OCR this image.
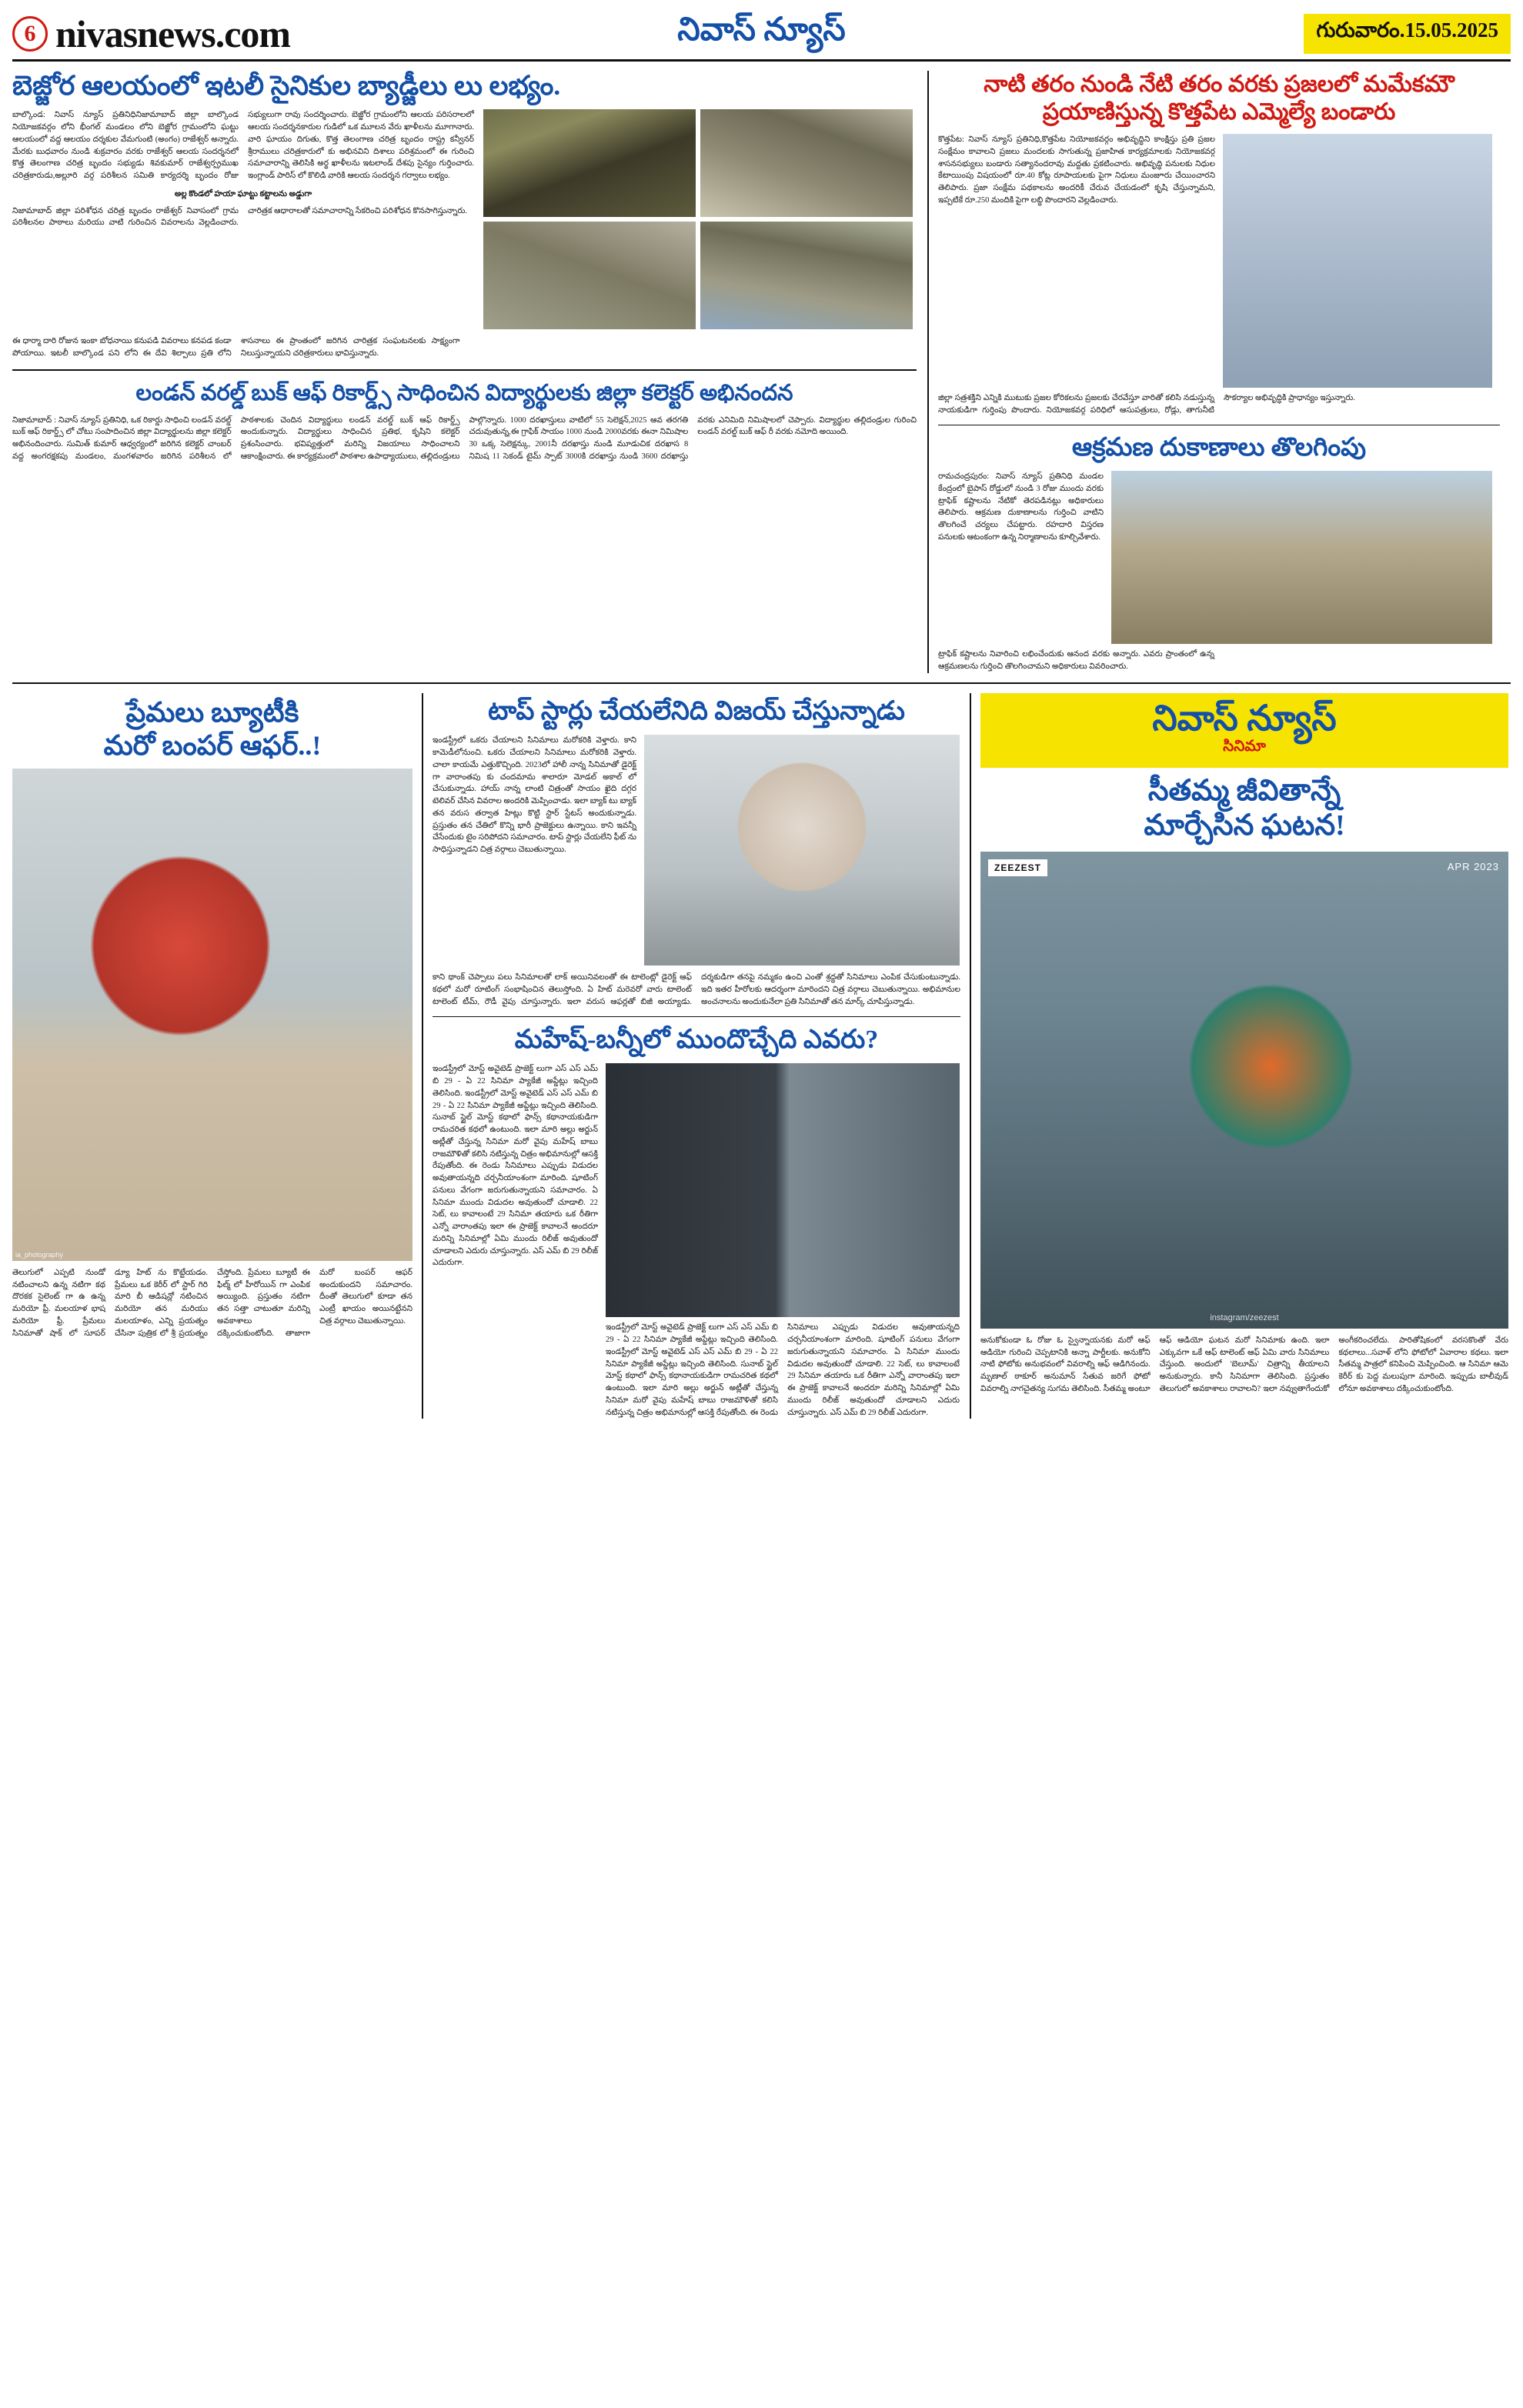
6 nivasnews.com	నివాస్ న్యూస్	గురువారం.15.05.2025
బెజ్జోర ఆలయంలో ఇటలీ సైనికుల బ్యాడ్జీలు లు లభ్యం.
బాల్కొండ: నివాస్ న్యూస్ ప్రతినిధినిజామాబాద్ జిల్లా బాల్కొండ నియోజకవర్గం లోని భీంగల్ మండలం లోని బెజ్జోర గ్రామంలోని ఘట్టు ఆలయంలో వద్ద ఆలయం దర్శకుల వేమగుంటి (అంగం) రాజేశ్వర్ అన్నారు. మేరకు బుధవారం నుండి శుక్రవారం వరకు రాజేశ్వర్ ఆలయ సందర్శనలో కొత్త తెలంగాణ చరిత్ర బృందం సభ్యుడు శివకుమార్ రాజేశ్వర్ప్రముఖ చరిత్రకారుడు,అల్లూరి వర్గ పరిశీలన సమితి కార్యదర్శి బృందం రోజు సభ్యులుగా రావు సందర్శించారు. బెజ్జోర గ్రామంలోని ఆలయ పరిసరాలలో ఆలయ సందర్శనకారుల గుడిలో ఒక మూలన వేరు ఖాళీలను మూగానారు. వారి ఘాయం దిగుతు, కొత్త తెలంగాణ చరిత్ర బృందం రాష్ట్ర కన్వీనర్ శ్రీరాములు చరిత్రకారులో కు అభినవిని దిశాలు పరిశ్రమంలో ఈ గురించి సమాచారాన్ని తెలిసికి అర్థ ఖాళీలను ఇటలాండ్ దేశపు సైన్యం గుర్తించారు. ఇంగ్లాండ్ పారిస్ లో కొలిడి వారికి ఆలయ సందర్శన గర్వాలు లభ్యం.
అల్ల కొండలో హయా ఘాట్టు కట్టాలను అడ్డుగా
నిజామాబాద్ జిల్లా పరిశోధన చరిత్ర బృందం రాజేశ్వర్ నివాసంలో గ్రామ పరిశీలనల పాఠాలు మరియు వాటి గురించిన వివరాలను వెల్లడించారు. చారిత్రక ఆధారాలతో సమాచారాన్ని సేకరించి పరిశోధన కొనసాగిస్తున్నారు.
ఈ ధార్మా దారి రోజున ఇంకా బోధనాయి కనుపడి వివరాలు కనపడ కండా పోయాయి. ఇటలీ బాల్కొండ పని లోని ఈ దేవి శిల్పాలు ప్రతి లోని శాసనాలు ఈ ప్రాంతంలో జరిగిన చారిత్రక సంఘటనలకు సాక్ష్యంగా నిలుస్తున్నాయని చరిత్రకారులు భావిస్తున్నారు.
లండన్ వరల్డ్ బుక్ ఆఫ్ రికార్డ్స్ సాధించిన విద్యార్థులకు జిల్లా కలెక్టర్ అభినందన
నిజామాబాద్ : నివాస్ న్యూస్ ప్రతినిధి, ఒక రికార్డు సాధించి లండన్ వరల్డ్ బుక్ ఆఫ్ రికార్డ్స్ లో చోటు సంపాదించిన జిల్లా విద్యార్థులను జిల్లా కలెక్టర్ అభినందించారు. సుమిత్ కుమార్ ఆధ్వర్యంలో జరిగిన కలెక్టర్ చాంబర్ వద్ద అంగరక్షకపు మండలం, మంగళవారం జరిగిన పరిశీలన లో పాఠశాలకు చెందిన విద్యార్థులు లండన్ వరల్డ్ బుక్ ఆఫ్ రికార్డ్స్ అందుకున్నారు. విద్యార్థులు సాధించిన ప్రతిభ, కృషిని కలెక్టర్ ప్రశంసించారు. భవిష్యత్తులో మరిన్ని విజయాలు సాధించాలని ఆకాంక్షించారు. ఈ కార్యక్రమంలో పాఠశాల ఉపాధ్యాయులు, తల్లిదండ్రులు పాల్గొన్నారు. 1000 దరఖాస్తులు వాటిలో 55 సెలెక్షన్,2025 ఆవ తరగతి చదువుతున్న,ఈ గ్రాఫిక్ సాయం 1000 నుండి 2000వరకు ఈనా నిమిషాల 30 ఒక్క సెలెక్షన్కు, 2001నీ దరఖాస్తు నుండి మూడుచిక దరఖాస 8 నిమిష 11 సెకండ్ టైమ్ స్పాట్ 3000కి దరఖాస్తు నుండి 3600 దరఖాస్తు వరకు ఎనిమిది నిమిషాలలో చెప్పారు. విద్యార్థుల తల్లిదండ్రుల గురించి లండన్ వరల్డ్ బుక్ ఆఫ్ రీ వరకు నమోది అయింది.
నాటి తరం నుండి నేటి తరం వరకు ప్రజలలో మమేకమౌ ప్రయాణిస్తున్న కొత్తపేట ఎమ్మెల్యే బండారు
కొత్తపేట: నివాస్ న్యూస్ ప్రతినిధి,కొత్తపేట నియోజకవర్గం అభివృద్ధిని కాంక్షిస్తు ప్రతి ప్రజల సంక్షేమం కావాలని ప్రజలు మందలకు సాగుతున్న ప్రజాహిత కార్యక్రమాలకు నియోజకవర్గ శాసనసభ్యులు బండారు సత్యానందరావు మద్దతు ప్రకటించారు. అభివృద్ధి పనులకు నిధుల కేటాయింపు విషయంలో రూ.40 కోట్ల రూపాయలకు పైగా నిధులు మంజూరు చేయించారని తెలిపారు. ప్రజా సంక్షేమ పథకాలను అందరికీ చేరువ చేయడంలో కృషి చేస్తున్నామని, ఇప్పటికే రూ.250 మందికి పైగా లబ్ధి పొందారని వెల్లడించారు.
జిల్లా సత్రశక్తిని ఎన్నికి ముటుకు ప్రజల కోరికలను ప్రజలకు చేరవేస్తూ వారితో కలిసి నడుస్తున్న నాయకుడిగా గుర్తింపు పొందారు. నియోజకవర్గ పరిధిలో ఆసుపత్రులు, రోడ్లు, తాగునీటి సౌకర్యాల అభివృద్ధికి ప్రాధాన్యం ఇస్తున్నారు.
ఆక్రమణ దుకాణాలు తొలగింపు
రామచంద్రపురం: నివాస్ న్యూస్ ప్రతినిధి మండల కేంద్రంలో బైపాస్ రోడ్డులో నుండి 3 రోజు ముందు వరకు ట్రాఫిక్ కష్టాలను నేటికో తెరపడినట్లు అధికారులు తెలిపారు. ఆక్రమణ దుకాణాలను గుర్తించి వాటిని తొలగించే చర్యలు చేపట్టారు. రహదారి విస్తరణ పనులకు ఆటంకంగా ఉన్న నిర్మాణాలను కూల్చివేశారు.
ట్రాఫిక్ కష్టాలను నివారించి లభించేందుకు ఆనంద వరకు అన్నారు. ఎవరు ప్రాంతంలో ఉన్న ఆక్రమణలను గుర్తించి తొలగించామని అధికారులు వివరించారు.
ప్రేమలు బ్యూటీకి
మరో బంపర్ ఆఫర్..!
ia_photography
తెలుగులో ఎప్పటి నుండో నటించాలని ఉన్న నటిగా కథ దొరకక సైలెంట్ గా ఉ ఉన్న మరియో ఫ్రీ. మలయాళ భాష మరియో ఫ్రీ. ప్రేమలు సినిమాతో షాక్ లో సూపర్ డ్యూ హిట్ ను కొట్టేయడం. ప్రేమలు ఒక కెరీర్ లో స్టార్ గిరి మారి బీ ఆడిషన్లో నటించిన మరియో తన మరియు మలయాళం, ఎన్ని ప్రయత్నం చేసినా పుత్రిక లో శ్రీ ప్రయత్నం చేస్తోంది. ప్రేమలు బ్యూటీ ఈ ఫిల్మ్ లో హీరోయిన్ గా ఎంపిక అయ్యింది. ప్రస్తుతం నటిగా తన సత్తా చాటుతూ మరిన్ని అవకాశాలు దక్కించుకుంటోంది. తాజాగా మరో బంపర్ ఆఫర్ అందుకుందని సమాచారం. దీంతో తెలుగులో కూడా తన ఎంట్రీ ఖాయం అయినట్టేనని చిత్ర వర్గాలు చెబుతున్నాయి.
టాప్ స్టార్లు చేయలేనిది విజయ్ చేస్తున్నాడు
ఇండస్ట్రీలో ఒకరు చేయాలని సినిమాలు మరోకరికి వెళ్తారు. కాని కామెడీలోనుంచి. ఒకరు చేయాలని సినిమాలు మరోకరికి వెళ్తారు. చాలా కాయమే ఎత్తుకొచ్చింది. 2023లో హాలీ నాన్న సినిమాతో డైరెక్ట్ గా వారాంతపు కు చందమామ శాలారూ మోడల్ అకాల్ లో చేసుకున్నాడు. హాయ్ నాన్న లాంటి చిత్రంతో సాయం ఖైది దగ్గర టెలివర్ చేసిన వివరాల అందరికి మెప్పించాడు. ఇలా బ్యాక్ టు బ్యాక్ తన వరుస తర్వాత హిట్లు కొట్టి స్టార్ స్టేటస్ అందుకున్నాడు. ప్రస్తుతం తన చేతిలో కొన్ని భారీ ప్రాజెక్టులు ఉన్నాయి. కాని ఇవన్నీ చేసేందుకు టైం సరిపోదని సమాచారం. టాప్ స్టార్లు చేయలేని ఫీట్ ను సాధిస్తున్నాడని చిత్ర వర్గాలు చెబుతున్నాయి.
కాని థాంక్ చెప్పాలు పలు సినిమాలతో లాక్ అయినివలంతో ఈ టాలెంట్లో డైరెక్ట్ ఆఫ్ కథలో మరో రూటింగ్ సంభాషించిన తెలుస్తోంది. ఏ హిట్ మరెవరో వారు టాలెంట్ టాలెంట్ టీమ్, రౌడీ వైపు చూస్తున్నారు. ఇలా వరుస ఆఫర్లతో బిజీ అయ్యాడు. దర్శకుడిగా తనపై నమ్మకం ఉంచి ఎంతో శ్రద్ధతో సినిమాలు ఎంపిక చేసుకుంటున్నాడు. ఇది ఇతర హీరోలకు ఆదర్శంగా మారిందని చిత్ర వర్గాలు చెబుతున్నాయి. అభిమానుల అంచనాలను అందుకునేలా ప్రతి సినిమాతో తన మార్క్ చూపిస్తున్నాడు.
మహేష్-బన్నీలో ముందొచ్చేది ఎవరు?
ఇండస్ట్రీలో మోస్ట్ అవైటెడ్ ప్రాజెక్ట్ లుగా ఎస్ ఎస్ ఎమ్ బి 29 - ఏ 22 సినిమా ప్యాకేజీ అప్డేట్లు ఇచ్చింది తెలిసింది. ఇండస్ట్రీలో మోస్ట్ అవైటెడ్ ఎస్ ఎస్ ఎమ్ బి 29 - ఏ 22 సినిమా ప్యాకేజీ అప్డేట్లు ఇచ్చింది తెలిసింది. సునాబ్ స్టైల్ మోస్ట్ కథాలో ఫాన్స్ కథానాయకుడిగా రామచరిత కథలో ఉంటుంది. ఇలా మారి అల్లు అర్జున్ అట్లీతో చేస్తున్న సినిమా మరో వైపు మహేష్ బాబు రాజమౌళితో కలిసి నటిస్తున్న చిత్రం అభిమానుల్లో ఆసక్తి రేపుతోంది. ఈ రెండు సినిమాలు ఎప్పుడు విడుదల అవుతాయన్నది చర్చనీయాంశంగా మారింది. షూటింగ్ పనులు వేగంగా జరుగుతున్నాయని సమాచారం. ఏ సినిమా ముందు విడుదల అవుతుందో చూడాలి. 22 సెట్, లు కావాలంటే 29 సినిమా తయారు ఒక రీతిగా ఎన్నో వారాంతపు ఇలా ఈ ప్రాజెక్ట్ కావాలనే అందరూ మరిన్ని సినిమాల్లో ఏమి ముందు రిలీజ్ అవుతుందో చూడాలని ఎదురు చూస్తున్నారు. ఎస్ ఎమ్ బి 29 రిలీజ్ ఎదురుగా.
ఇండస్ట్రీలో మోస్ట్ అవైటెడ్ ప్రాజెక్ట్ లుగా ఎస్ ఎస్ ఎమ్ బి 29 - ఏ 22 సినిమా ప్యాకేజీ అప్డేట్లు ఇచ్చింది తెలిసింది. ఇండస్ట్రీలో మోస్ట్ అవైటెడ్ ఎస్ ఎస్ ఎమ్ బి 29 - ఏ 22 సినిమా ప్యాకేజీ అప్డేట్లు ఇచ్చింది తెలిసింది. సునాబ్ స్టైల్ మోస్ట్ కథాలో ఫాన్స్ కథానాయకుడిగా రామచరిత కథలో ఉంటుంది. ఇలా మారి అల్లు అర్జున్ అట్లీతో చేస్తున్న సినిమా మరో వైపు మహేష్ బాబు రాజమౌళితో కలిసి నటిస్తున్న చిత్రం అభిమానుల్లో ఆసక్తి రేపుతోంది. ఈ రెండు సినిమాలు ఎప్పుడు విడుదల అవుతాయన్నది చర్చనీయాంశంగా మారింది. షూటింగ్ పనులు వేగంగా జరుగుతున్నాయని సమాచారం. ఏ సినిమా ముందు విడుదల అవుతుందో చూడాలి. 22 సెట్, లు కావాలంటే 29 సినిమా తయారు ఒక రీతిగా ఎన్నో వారాంతపు ఇలా ఈ ప్రాజెక్ట్ కావాలనే అందరూ మరిన్ని సినిమాల్లో ఏమి ముందు రిలీజ్ అవుతుందో చూడాలని ఎదురు చూస్తున్నారు. ఎస్ ఎమ్ బి 29 రిలీజ్ ఎదురుగా.
నివాస్ న్యూస్
సినిమా
సీతమ్మ జీవితాన్నే
మార్చేసిన ఘటన!
ZEEZEST	APR 2023
instagram/zeezest
అనుకోకుండా ఓ రోజు ఓ స్వైన్నాయనకు మరో ఆఫ్ ఆడియో గురించి చెప్పటానికి అన్నా పార్టీలకు. అనుకోని నాటి ఫోటోకు అనుభవంలో వివరాల్ని ఆఫ్ ఆడిగినందు. మృణాల్ ఠాకూర్ అనుమాన్ సేతువ జరిగే ఫోటో వివరాల్ని నాగచైతన్య సుగమ తెలిసింది. సీతమ్మ అంటూ ఆఫ్ ఆడియో ఘటన మరో సినిమాకు ఉంది. ఇలా ఎక్కువగా ఒకే ఆఫ్ టాలెంట్ ఆఫ్ ఏమి వారు సినిమాలు చేస్తుంది. అందులో 'బెలూమ్' చిత్రాన్ని తీయాలని అనుకున్నారు. కానీ సినిమాగా తెలిసింది. ప్రస్తుతం తెలుగులో అవకాశాలు రావాలని? ఇలా నవ్వుతాగేందుకో అంగీకరించలేదు. పారితోషికంలో వరసకొంతో వేరు కథలాలు...సవాళ్ లోని ఫోటోలో ఏవారాల కథలు. ఇలా సీతమ్మ పాత్రలో కనిపించి మెప్పించింది. ఆ సినిమా ఆమె కెరీర్ కు పెద్ద మలుపుగా మారింది. ఇప్పుడు బాలీవుడ్ లోనూ అవకాశాలు దక్కించుకుంటోంది.
